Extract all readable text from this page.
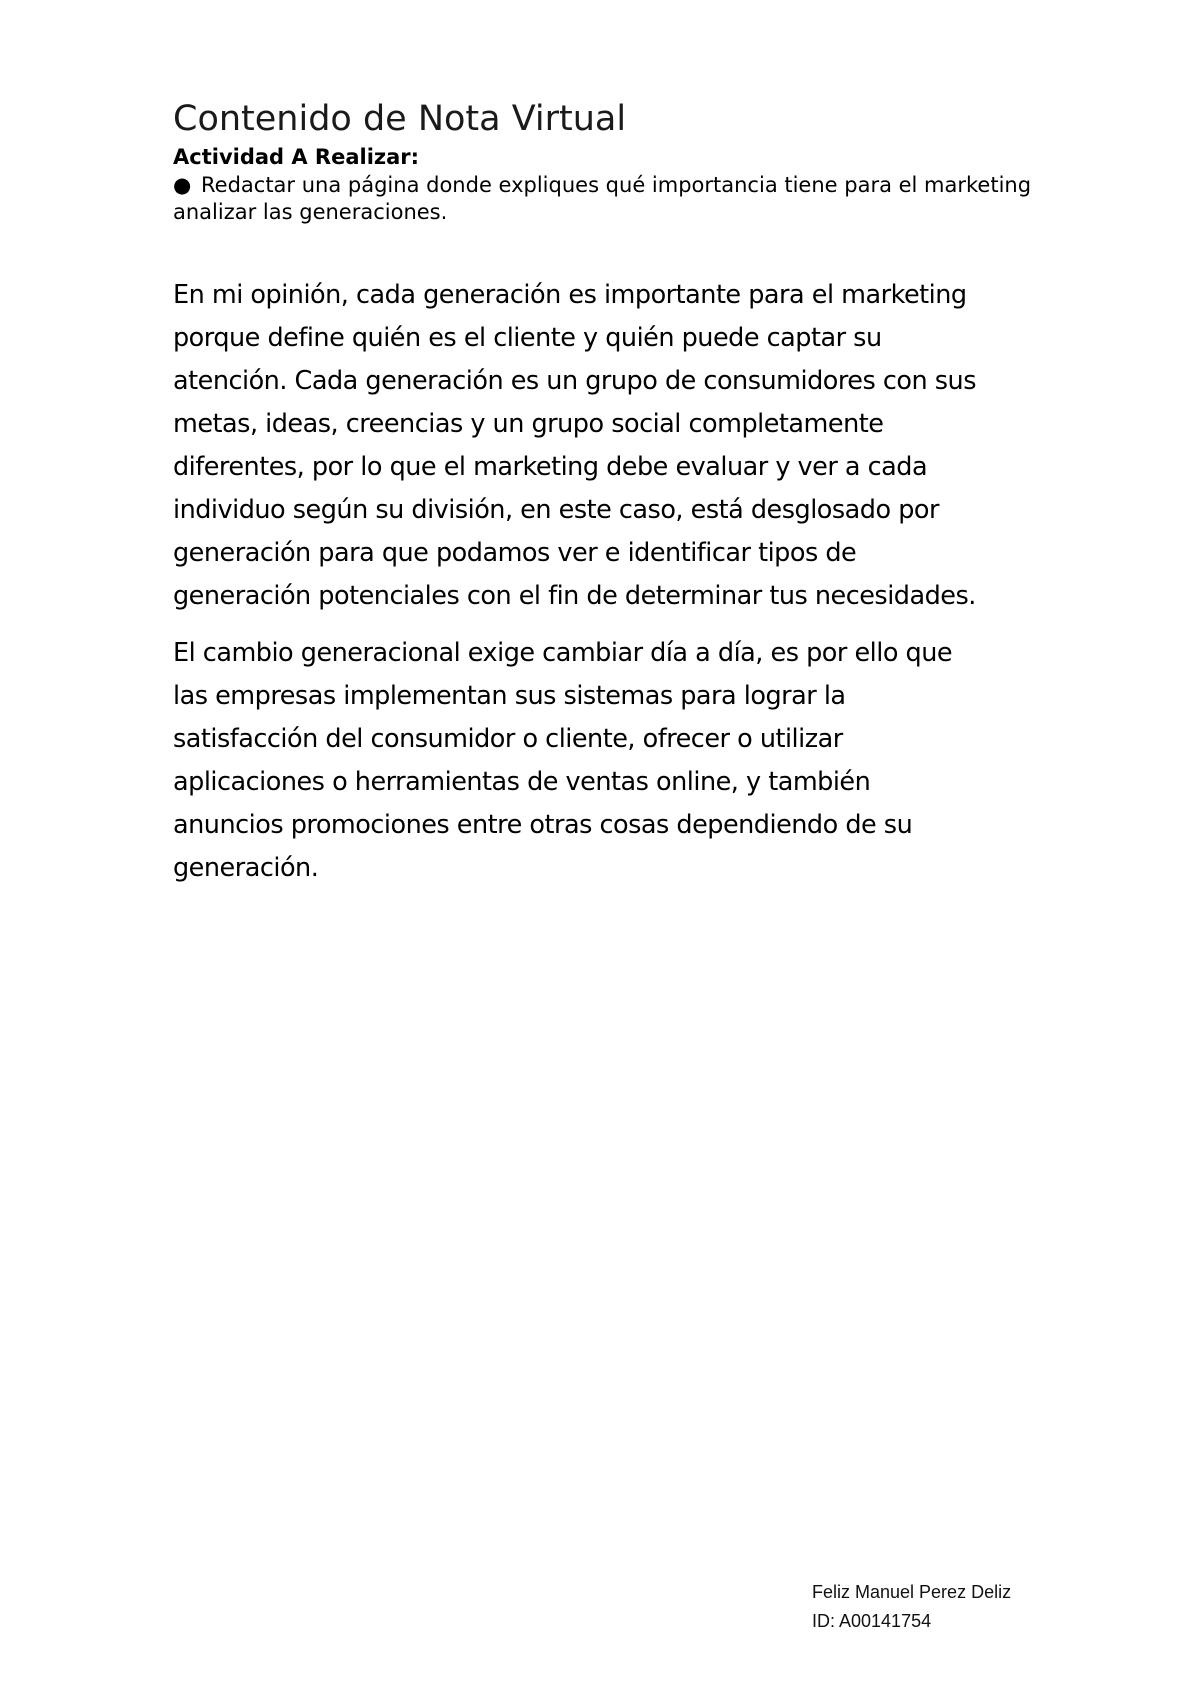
Contenido de Nota Virtual
Actividad A Realizar:
● Redactar una página donde expliques qué importancia tiene para el marketing analizar las generaciones.
En mi opinión, cada generación es importante para el marketing
porque define quién es el cliente y quién puede captar su
atención. Cada generación es un grupo de consumidores con sus
metas, ideas, creencias y un grupo social completamente
diferentes, por lo que el marketing debe evaluar y ver a cada
individuo según su división, en este caso, está desglosado por
generación para que podamos ver e identificar tipos de
generación potenciales con el fin de determinar tus necesidades.
El cambio generacional exige cambiar día a día, es por ello que
las empresas implementan sus sistemas para lograr la
satisfacción del consumidor o cliente, ofrecer o utilizar
aplicaciones o herramientas de ventas online, y también
anuncios promociones entre otras cosas dependiendo de su
generación.
Feliz Manuel Perez Deliz
ID: A00141754
